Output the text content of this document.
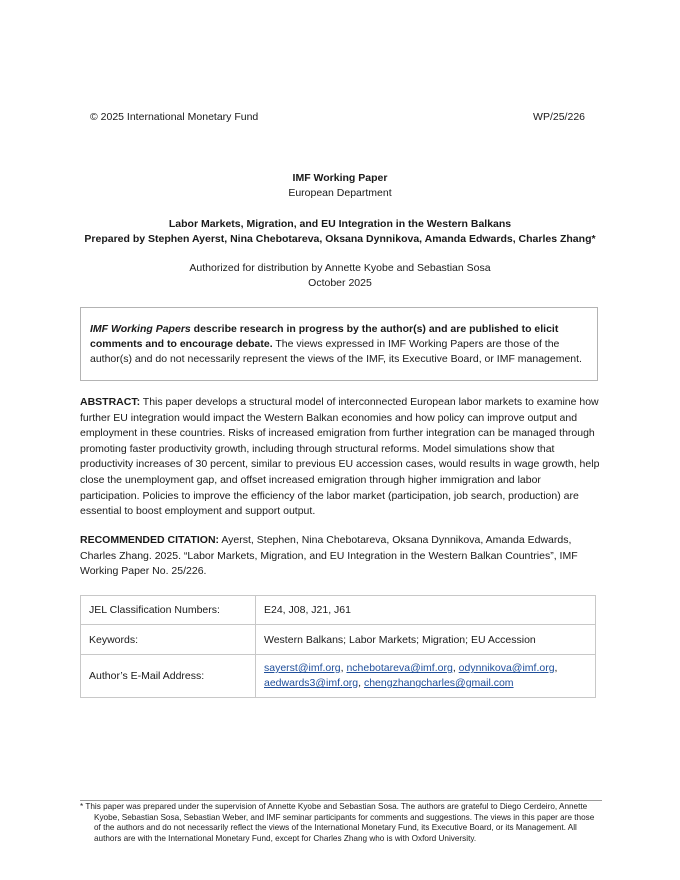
© 2025 International Monetary Fund	WP/25/226
IMF Working Paper
European Department
Labor Markets, Migration, and EU Integration in the Western Balkans
Prepared by Stephen Ayerst, Nina Chebotareva, Oksana Dynnikova, Amanda Edwards, Charles Zhang*
Authorized for distribution by Annette Kyobe and Sebastian Sosa
October 2025
IMF Working Papers describe research in progress by the author(s) and are published to elicit comments and to encourage debate. The views expressed in IMF Working Papers are those of the author(s) and do not necessarily represent the views of the IMF, its Executive Board, or IMF management.
ABSTRACT: This paper develops a structural model of interconnected European labor markets to examine how further EU integration would impact the Western Balkan economies and how policy can improve output and employment in these countries. Risks of increased emigration from further integration can be managed through promoting faster productivity growth, including through structural reforms. Model simulations show that productivity increases of 30 percent, similar to previous EU accession cases, would results in wage growth, help close the unemployment gap, and offset increased emigration through higher immigration and labor participation. Policies to improve the efficiency of the labor market (participation, job search, production) are essential to boost employment and support output.
RECOMMENDED CITATION: Ayerst, Stephen, Nina Chebotareva, Oksana Dynnikova, Amanda Edwards, Charles Zhang. 2025. “Labor Markets, Migration, and EU Integration in the Western Balkan Countries”, IMF Working Paper No. 25/226.
JEL Classification Numbers:	E24, J08, J21, J61
Keywords:	Western Balkans; Labor Markets; Migration; EU Accession
Author’s E-Mail Address:	sayerst@imf.org, nchebotareva@imf.org, odynnikova@imf.org,
aedwards3@imf.org, chengzhangcharles@gmail.com
* This paper was prepared under the supervision of Annette Kyobe and Sebastian Sosa. The authors are grateful to Diego Cerdeiro, Annette Kyobe, Sebastian Sosa, Sebastian Weber, and IMF seminar participants for comments and suggestions. The views in this paper are those of the authors and do not necessarily reflect the views of the International Monetary Fund, its Executive Board, or its Management. All authors are with the International Monetary Fund, except for Charles Zhang who is with Oxford University.
